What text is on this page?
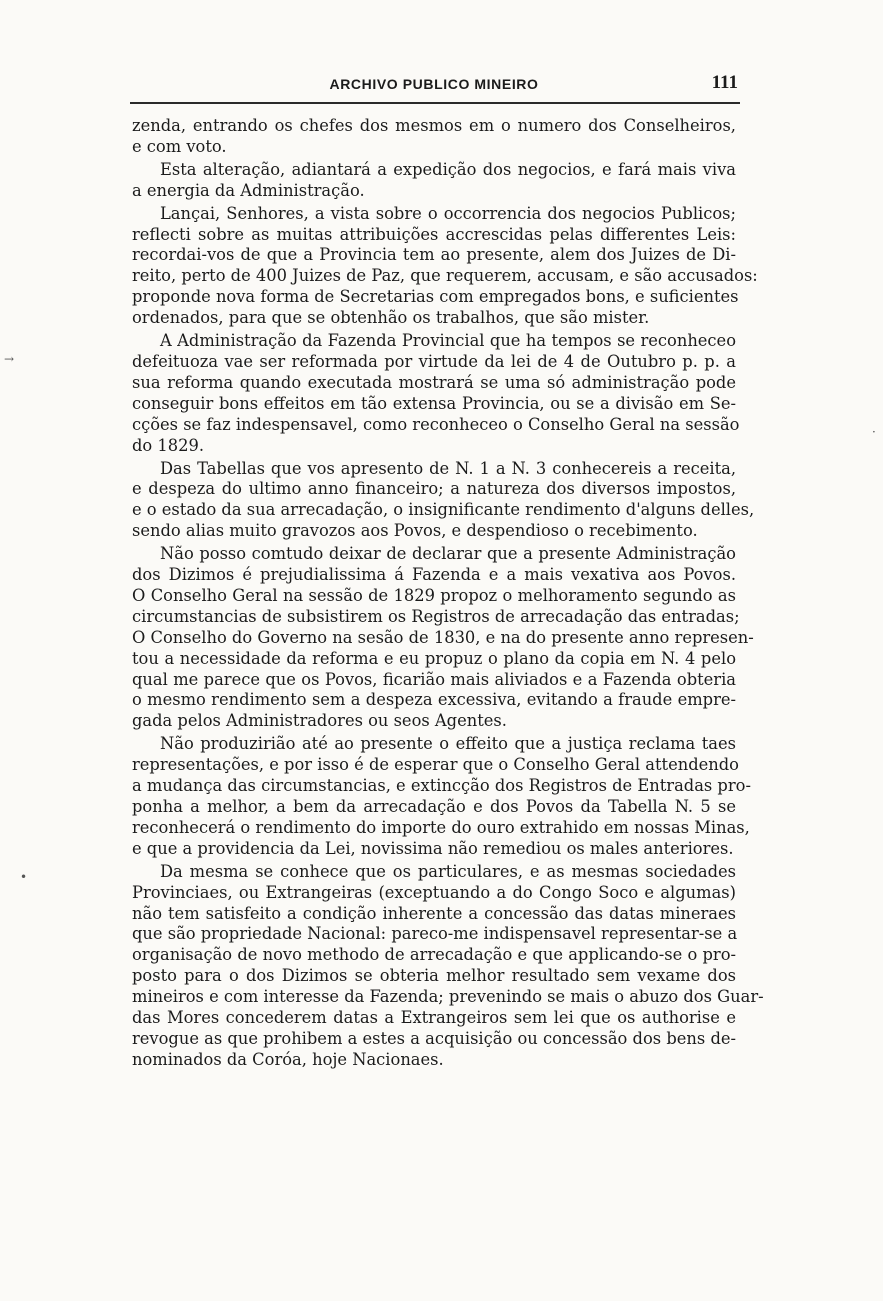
ARCHIVO PUBLICO MINEIRO	111
zenda, entrando os chefes dos mesmos em o numero dos Conselheiros,
e com voto.
Esta alteração, adiantará a expedição dos negocios, e fará mais viva
a energia da Administração.
Lançai, Senhores, a vista sobre o occorrencia dos negocios Publicos;
reflecti sobre as muitas attribuições accrescidas pelas differentes Leis:
recordai-vos de que a Provincia tem ao presente, alem dos Juizes de Di-
reito, perto de 400 Juizes de Paz, que requerem, accusam, e são accusados:
proponde nova forma de Secretarias com empregados bons, e suficientes
ordenados, para que se obtenhão os trabalhos, que são mister.
A Administração da Fazenda Provincial que ha tempos se reconheceo
defeituoza vae ser reformada por virtude da lei de 4 de Outubro p. p. a
sua reforma quando executada mostrará se uma só administração pode
conseguir bons effeitos em tão extensa Provincia, ou se a divisão em Se-
cções se faz indespensavel, como reconheceo o Conselho Geral na sessão
do 1829.
Das Tabellas que vos apresento de N. 1 a N. 3 conhecereis a receita,
e despeza do ultimo anno financeiro; a natureza dos diversos impostos,
e o estado da sua arrecadação, o insignificante rendimento d'alguns delles,
sendo alias muito gravozos aos Povos, e despendioso o recebimento.
Não posso comtudo deixar de declarar que a presente Administração
dos Dizimos é prejudialissima á Fazenda e a mais vexativa aos Povos.
O Conselho Geral na sessão de 1829 propoz o melhoramento segundo as
circumstancias de subsistirem os Registros de arrecadação das entradas;
O Conselho do Governo na sesão de 1830, e na do presente anno represen-
tou a necessidade da reforma e eu propuz o plano da copia em N. 4 pelo
qual me parece que os Povos, ficarião mais aliviados e a Fazenda obteria
o mesmo rendimento sem a despeza excessiva, evitando a fraude empre-
gada pelos Administradores ou seos Agentes.
Não produzirião até ao presente o effeito que a justiça reclama taes
representações, e por isso é de esperar que o Conselho Geral attendendo
a mudança das circumstancias, e extincção dos Registros de Entradas pro-
ponha a melhor, a bem da arrecadação e dos Povos da Tabella N. 5 se
reconhecerá o rendimento do importe do ouro extrahido em nossas Minas,
e que a providencia da Lei, novissima não remediou os males anteriores.
Da mesma se conhece que os particulares, e as mesmas sociedades
Provinciaes, ou Extrangeiras (exceptuando a do Congo Soco e algumas)
não tem satisfeito a condição inherente a concessão das datas mineraes
que são propriedade Nacional: pareco-me indispensavel representar-se a
organisação de novo methodo de arrecadação e que applicando-se o pro-
posto para o dos Dizimos se obteria melhor resultado sem vexame dos
mineiros e com interesse da Fazenda; prevenindo se mais o abuzo dos Guar-
das Mores concederem datas a Extrangeiros sem lei que os authorise e
revogue as que prohibem a estes a acquisição ou concessão dos bens de-
nominados da Coróa, hoje Nacionaes.
→
•
·
